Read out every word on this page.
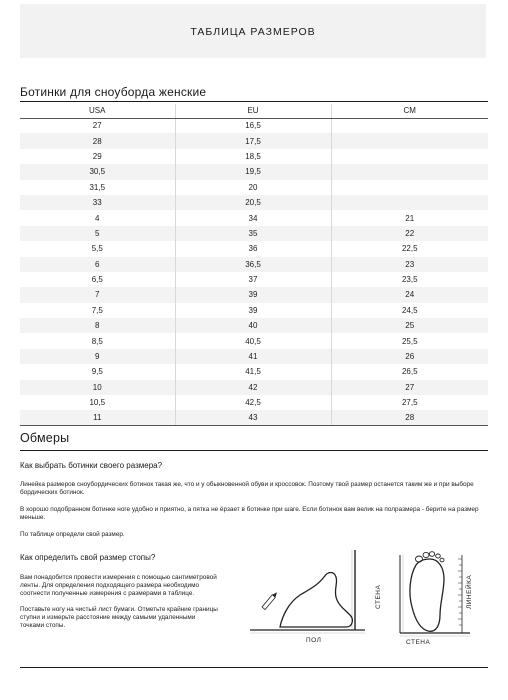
ТАБЛИЦА РАЗМЕРОВ
Ботинки для сноуборда женские
USA	EU	CM
27	16,5	
28	17,5	
29	18,5	
30,5	19,5	
31,5	20	
33	20,5	
4	34	21
5	35	22
5,5	36	22,5
6	36,5	23
6,5	37	23,5
7	39	24
7,5	39	24,5
8	40	25
8,5	40,5	25,5
9	41	26
9,5	41,5	26,5
10	42	27
10,5	42,5	27,5
11	43	28
Обмеры
Как выбрать ботинки своего размера?
Линейка размеров сноубордических ботинок такая же, что и у обыкновенной обуви и кроссовок. Поэтому твой размер останется таким же и при выборе бордических ботинок.
В хорошо подобранном ботинке ноге удобно и приятно, а пятка не ёрзает в ботинке при шаге. Если ботинок вам велик на полразмера - берите на размер меньше.
По таблице определи свой размер.
Как определить свой размер стопы?
Вам понадобится провести измерения с помощью сантиметровой ленты. Для определения подходящего размера необходимо соотнести полученные измерения с размерами в таблице.
Поставьте ногу на чистый лист бумаги. Отметьте крайние границы ступни и измерьте расстояние между самыми удаленными точками стопы.
ПОЛ
СТЕНА
СТЕНА
ЛИНЕЙКА
